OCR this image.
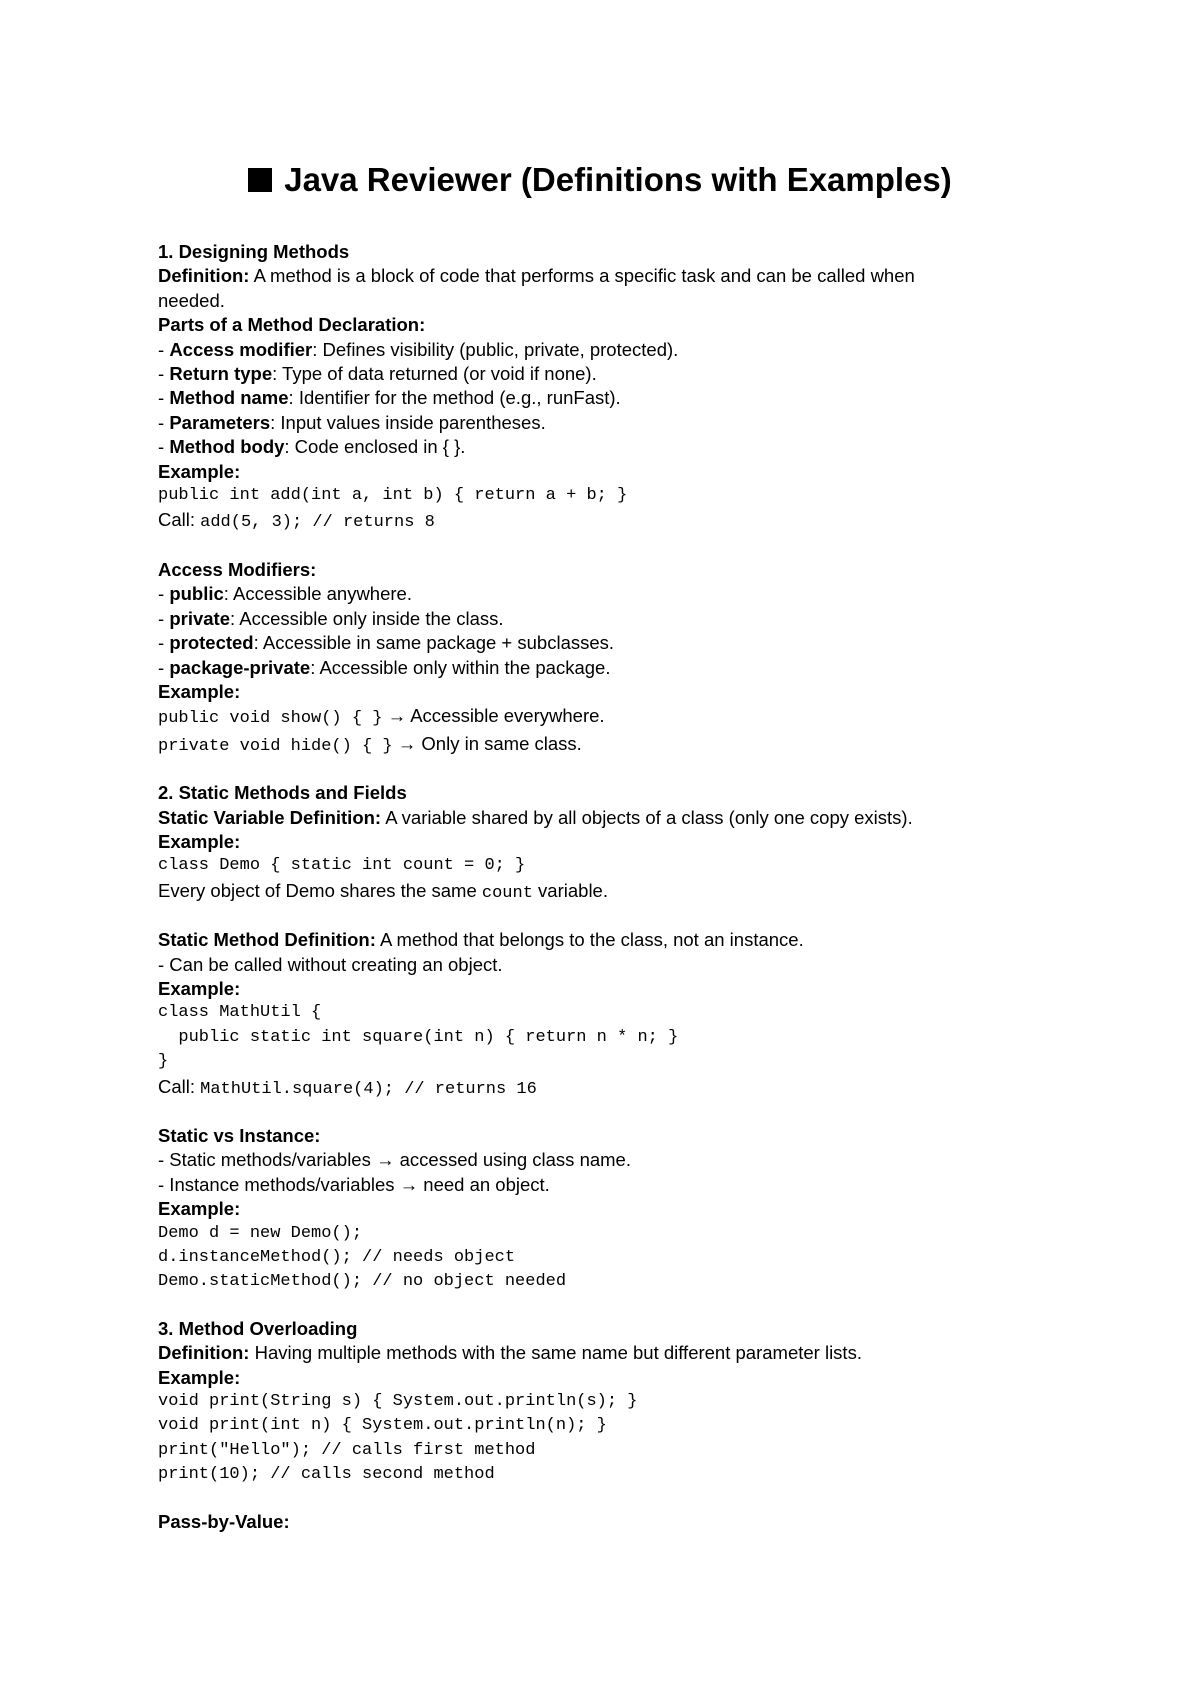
Java Reviewer (Definitions with Examples)
1. Designing Methods
Definition: A method is a block of code that performs a specific task and can be called when
needed.
Parts of a Method Declaration:
- Access modifier: Defines visibility (public, private, protected).
- Return type: Type of data returned (or void if none).
- Method name: Identifier for the method (e.g., runFast).
- Parameters: Input values inside parentheses.
- Method body: Code enclosed in { }.
Example:
public int add(int a, int b) { return a + b; }
Call: add(5, 3); // returns 8
Access Modifiers:
- public: Accessible anywhere.
- private: Accessible only inside the class.
- protected: Accessible in same package + subclasses.
- package-private: Accessible only within the package.
Example:
public void show() { } → Accessible everywhere.
private void hide() { } → Only in same class.
2. Static Methods and Fields
Static Variable Definition: A variable shared by all objects of a class (only one copy exists).
Example:
class Demo { static int count = 0; }
Every object of Demo shares the same count variable.
Static Method Definition: A method that belongs to the class, not an instance.
- Can be called without creating an object.
Example:
class MathUtil {
public static int square(int n) { return n * n; }
}
Call: MathUtil.square(4); // returns 16
Static vs Instance:
- Static methods/variables → accessed using class name.
- Instance methods/variables → need an object.
Example:
Demo d = new Demo();
d.instanceMethod(); // needs object
Demo.staticMethod(); // no object needed
3. Method Overloading
Definition: Having multiple methods with the same name but different parameter lists.
Example:
void print(String s) { System.out.println(s); }
void print(int n) { System.out.println(n); }
print("Hello"); // calls first method
print(10); // calls second method
Pass-by-Value:
